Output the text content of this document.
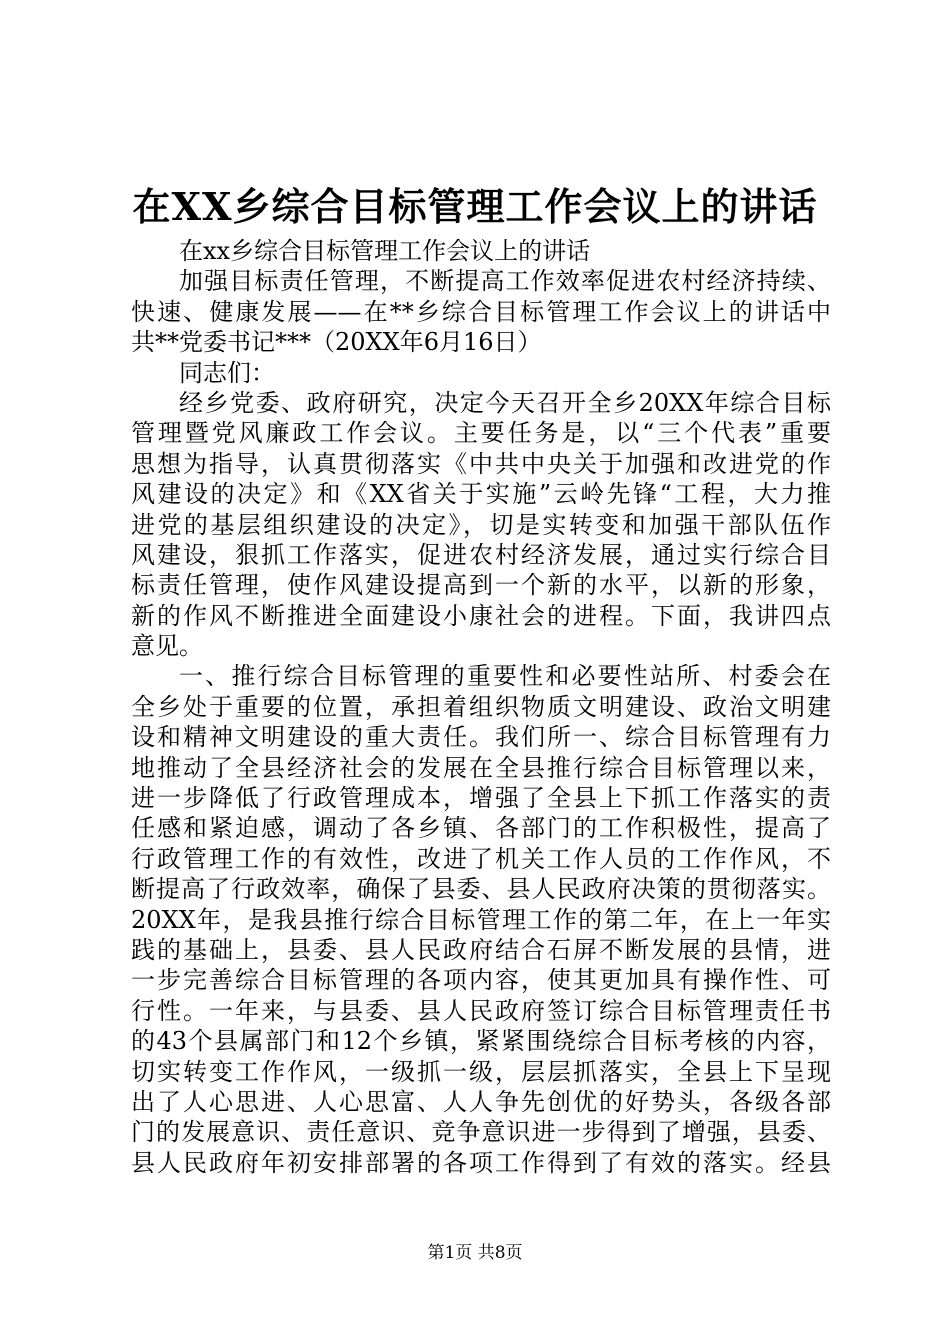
在XX乡综合目标管理工作会议上的讲话
在xx乡综合目标管理工作会议上的讲话
加强目标责任管理，不断提高工作效率促进农村经济持续、
快速、健康发展——在**乡综合目标管理工作会议上的讲话中
共**党委书记***（20XX年6月16日）
同志们：
经乡党委、政府研究，决定今天召开全乡20XX年综合目标
管理暨党风廉政工作会议。主要任务是，以“三个代表”重要
思想为指导，认真贯彻落实《中共中央关于加强和改进党的作
风建设的决定》和《XX省关于实施”云岭先锋“工程，大力推
进党的基层组织建设的决定》，切是实转变和加强干部队伍作
风建设，狠抓工作落实，促进农村经济发展，通过实行综合目
标责任管理，使作风建设提高到一个新的水平，以新的形象，
新的作风不断推进全面建设小康社会的进程。下面，我讲四点
意见。
一、推行综合目标管理的重要性和必要性站所、村委会在
全乡处于重要的位置，承担着组织物质文明建设、政治文明建
设和精神文明建设的重大责任。我们所一、综合目标管理有力
地推动了全县经济社会的发展在全县推行综合目标管理以来，
进一步降低了行政管理成本，增强了全县上下抓工作落实的责
任感和紧迫感，调动了各乡镇、各部门的工作积极性，提高了
行政管理工作的有效性，改进了机关工作人员的工作作风，不
断提高了行政效率，确保了县委、县人民政府决策的贯彻落实。
20XX年，是我县推行综合目标管理工作的第二年，在上一年实
践的基础上，县委、县人民政府结合石屏不断发展的县情，进
一步完善综合目标管理的各项内容，使其更加具有操作性、可
行性。一年来，与县委、县人民政府签订综合目标管理责任书
的43个县属部门和12个乡镇，紧紧围绕综合目标考核的内容，
切实转变工作作风，一级抓一级，层层抓落实，全县上下呈现
出了人心思进、人心思富、人人争先创优的好势头，各级各部
门的发展意识、责任意识、竞争意识进一步得到了增强，县委、
县人民政府年初安排部署的各项工作得到了有效的落实。经县
第1页 共8页
